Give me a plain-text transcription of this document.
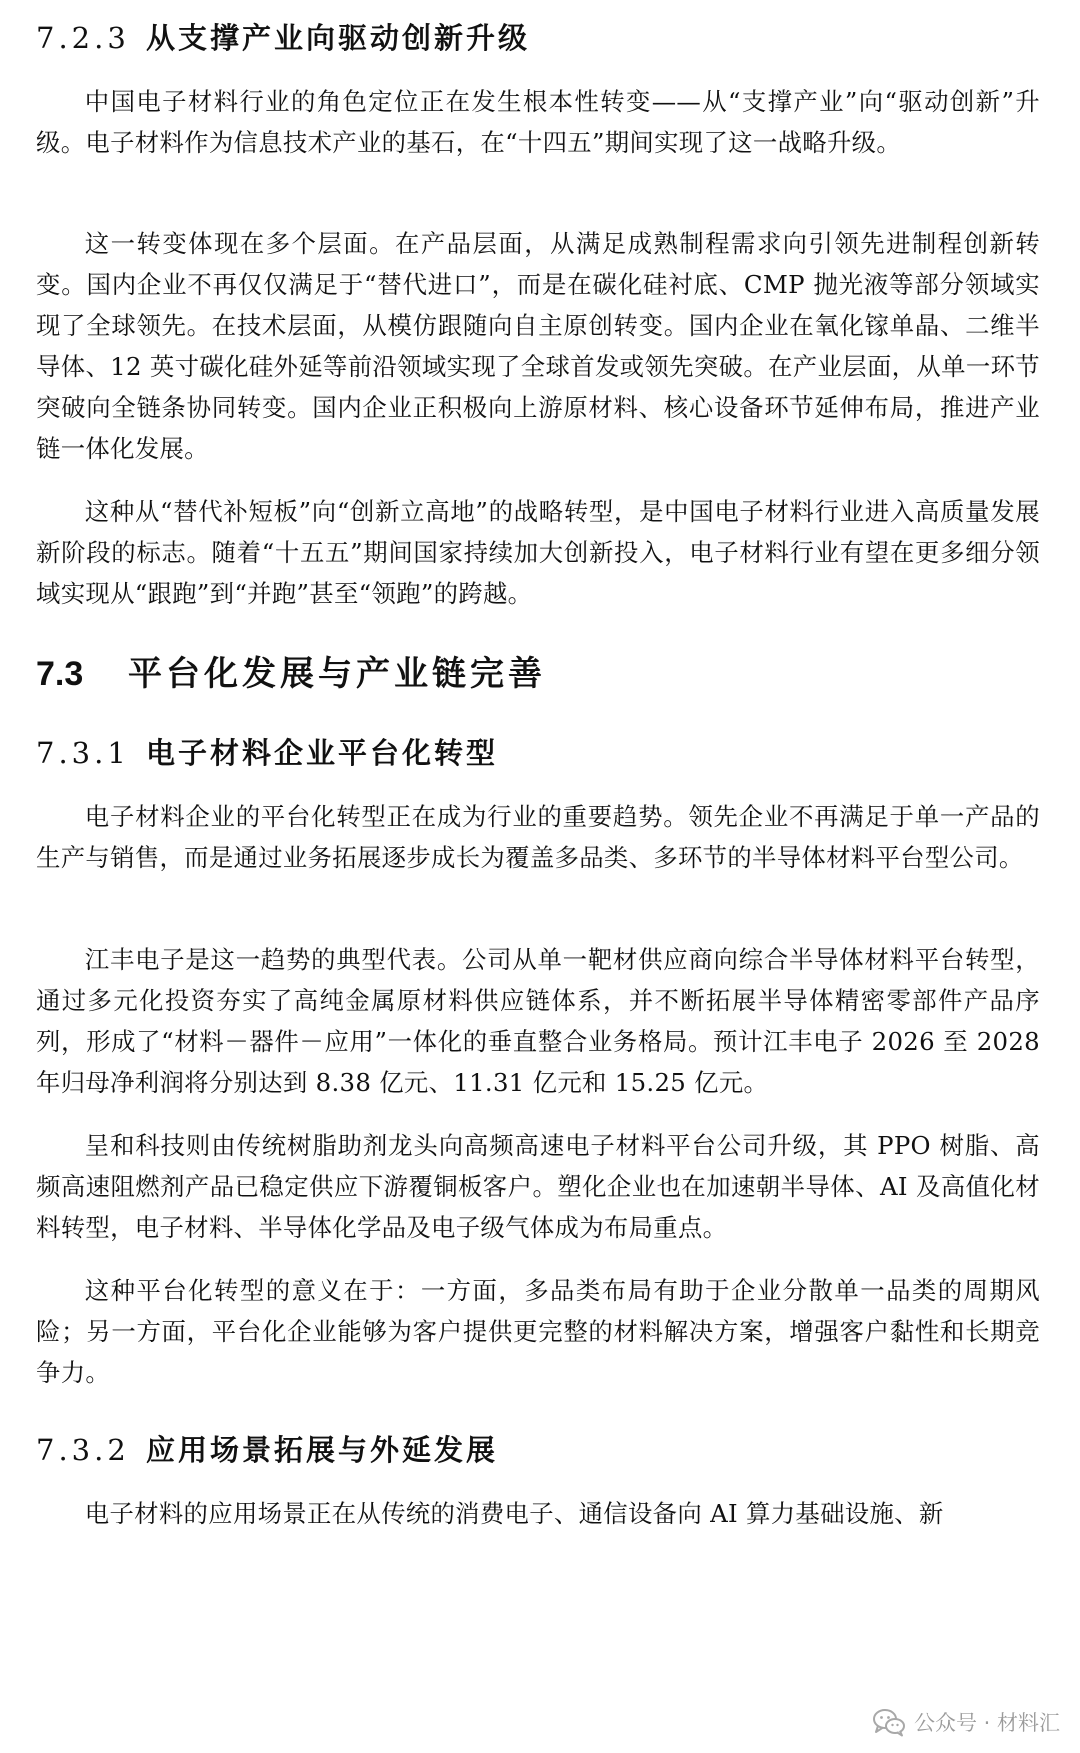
7.2.3 从支撑产业向驱动创新升级

中国电子材料行业的角色定位正在发生根本性转变——从“支撑产业”向“驱动创新”升级。电子材料作为信息技术产业的基石，在“十四五”期间实现了这一战略升级。

这一转变体现在多个层面。在产品层面，从满足成熟制程需求向引领先进制程创新转变。国内企业不再仅仅满足于“替代进口”，而是在碳化硅衬底、CMP 抛光液等部分领域实现了全球领先。在技术层面，从模仿跟随向自主原创转变。国内企业在氧化镓单晶、二维半导体、12 英寸碳化硅外延等前沿领域实现了全球首发或领先突破。在产业层面，从单一环节突破向全链条协同转变。国内企业正积极向上游原材料、核心设备环节延伸布局，推进产业链一体化发展。

这种从“替代补短板”向“创新立高地”的战略转型，是中国电子材料行业进入高质量发展新阶段的标志。随着“十五五”期间国家持续加大创新投入，电子材料行业有望在更多细分领域实现从“跟跑”到“并跑”甚至“领跑”的跨越。

7.3 平台化发展与产业链完善
7.3.1 电子材料企业平台化转型

电子材料企业的平台化转型正在成为行业的重要趋势。领先企业不再满足于单一产品的生产与销售，而是通过业务拓展逐步成长为覆盖多品类、多环节的半导体材料平台型公司。

江丰电子是这一趋势的典型代表。公司从单一靶材供应商向综合半导体材料平台转型，通过多元化投资夯实了高纯金属原材料供应链体系，并不断拓展半导体精密零部件产品序列，形成了“材料－器件－应用”一体化的垂直整合业务格局。预计江丰电子 2026 至 2028 年归母净利润将分别达到 8.38 亿元、11.31 亿元和 15.25 亿元。

呈和科技则由传统树脂助剂龙头向高频高速电子材料平台公司升级，其 PPO 树脂、高频高速阻燃剂产品已稳定供应下游覆铜板客户。塑化企业也在加速朝半导体、AI 及高值化材料转型，电子材料、半导体化学品及电子级气体成为布局重点。

这种平台化转型的意义在于：一方面，多品类布局有助于企业分散单一品类的周期风险；另一方面，平台化企业能够为客户提供更完整的材料解决方案，增强客户黏性和长期竞争力。

7.3.2 应用场景拓展与外延发展

电子材料的应用场景正在从传统的消费电子、通信设备向 AI 算力基础设施、新

公众号 · 材料汇
